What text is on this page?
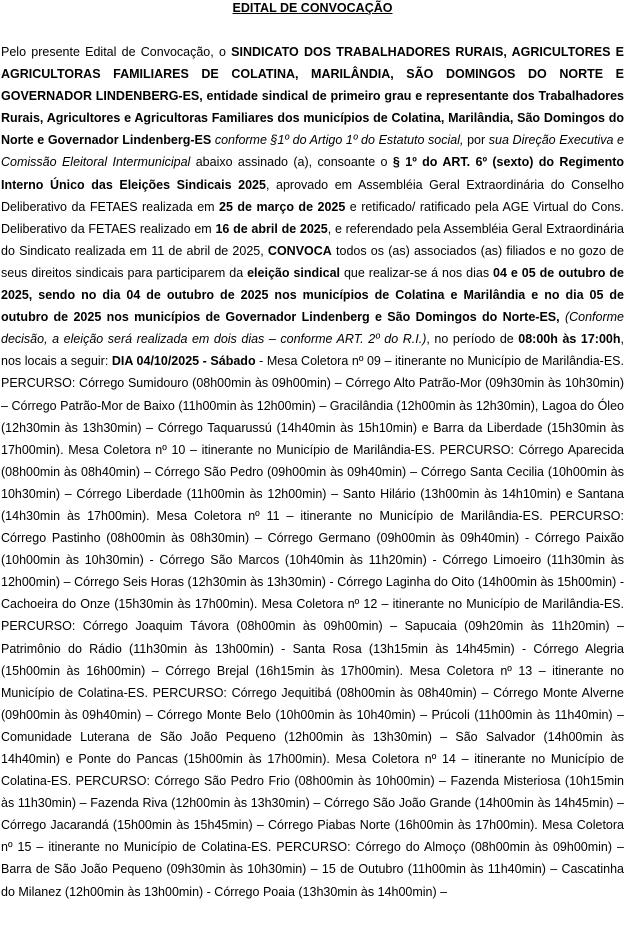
EDITAL DE CONVOCAÇÃO

Pelo presente Edital de Convocação, o SINDICATO DOS TRABALHADORES RURAIS, AGRICULTORES E AGRICULTORAS FAMILIARES DE COLATINA, MARILÂNDIA, SÃO DOMINGOS DO NORTE E GOVERNADOR LINDENBERG-ES, entidade sindical de primeiro grau e representante dos Trabalhadores Rurais, Agricultores e Agricultoras Familiares dos municípios de Colatina, Marilândia, São Domingos do Norte e Governador Lindenberg-ES conforme §1º do Artigo 1º do Estatuto social, por sua Direção Executiva e Comissão Eleitoral Intermunicipal abaixo assinado (a), consoante o § 1º do ART. 6º (sexto) do Regimento Interno Único das Eleições Sindicais 2025, aprovado em Assembléia Geral Extraordinária do Conselho Deliberativo da FETAES realizada em 25 de março de 2025 e retificado/ ratificado pela AGE Virtual do Cons. Deliberativo da FETAES realizado em 16 de abril de 2025, e referendado pela Assembléia Geral Extraordinária do Sindicato realizada em 11 de abril de 2025, CONVOCA todos os (as) associados (as) filiados e no gozo de seus direitos sindicais para participarem da eleição sindical que realizar-se á nos dias 04 e 05 de outubro de 2025, sendo no dia 04 de outubro de 2025 nos municípios de Colatina e Marilândia e no dia 05 de outubro de 2025 nos municípios de Governador Lindenberg e São Domingos do Norte-ES, (Conforme decisão, a eleição será realizada em dois dias – conforme ART. 2º do R.I.), no período de 08:00h às 17:00h, nos locais a seguir: DIA 04/10/2025 - Sábado - Mesa Coletora nº 09 – itinerante no Município de Marilândia-ES. PERCURSO: Córrego Sumidouro (08h00min às 09h00min) – Córrego Alto Patrão-Mor (09h30min às 10h30min) – Córrego Patrão-Mor de Baixo (11h00min às 12h00min) – Gracilândia (12h00min às 12h30min), Lagoa do Óleo (12h30min às 13h30min) – Córrego Taquarussú (14h40min às 15h10min) e Barra da Liberdade (15h30min às 17h00min). Mesa Coletora nº 10 – itinerante no Município de Marilândia-ES. PERCURSO: Córrego Aparecida (08h00min às 08h40min) – Córrego São Pedro (09h00min às 09h40min) – Córrego Santa Cecilia (10h00min às 10h30min) – Córrego Liberdade (11h00min às 12h00min) – Santo Hilário (13h00min às 14h10min) e Santana (14h30min às 17h00min). Mesa Coletora nº 11 – itinerante no Município de Marilândia-ES. PERCURSO: Córrego Pastinho (08h00min às 08h30min) – Córrego Germano (09h00min às 09h40min) - Córrego Paixão (10h00min às 10h30min) - Córrego São Marcos (10h40min às 11h20min) - Córrego Limoeiro (11h30min às 12h00min) – Córrego Seis Horas (12h30min às 13h30min) - Córrego Laginha do Oito (14h00min às 15h00min) - Cachoeira do Onze (15h30min às 17h00min). Mesa Coletora nº 12 – itinerante no Município de Marilândia-ES. PERCURSO: Córrego Joaquim Távora (08h00min às 09h00min) – Sapucaia (09h20min às 11h20min) – Patrimônio do Rádio (11h30min às 13h00min) - Santa Rosa (13h15min às 14h45min) - Córrego Alegria (15h00min às 16h00min) – Córrego Brejal (16h15min às 17h00min). Mesa Coletora nº 13 – itinerante no Município de Colatina-ES. PERCURSO: Córrego Jequitibá (08h00min às 08h40min) – Córrego Monte Alverne (09h00min às 09h40min) – Córrego Monte Belo (10h00min às 10h40min) – Prúcoli (11h00min às 11h40min) – Comunidade Luterana de São João Pequeno (12h00min às 13h30min) – São Salvador (14h00min às 14h40min) e Ponte do Pancas (15h00min às 17h00min). Mesa Coletora nº 14 – itinerante no Município de Colatina-ES. PERCURSO: Córrego São Pedro Frio (08h00min às 10h00min) – Fazenda Misteriosa (10h15min às 11h30min) – Fazenda Riva (12h00min às 13h30min) – Córrego São João Grande (14h00min às 14h45min) – Córrego Jacarandá (15h00min às 15h45min) – Córrego Piabas Norte (16h00min às 17h00min). Mesa Coletora nº 15 – itinerante no Município de Colatina-ES. PERCURSO: Córrego do Almoço (08h00min às 09h00min) – Barra de São João Pequeno (09h30min às 10h30min) – 15 de Outubro (11h00min às 11h40min) – Cascatinha do Milanez (12h00min às 13h00min) - Córrego Poaia (13h30min às 14h00min) –
